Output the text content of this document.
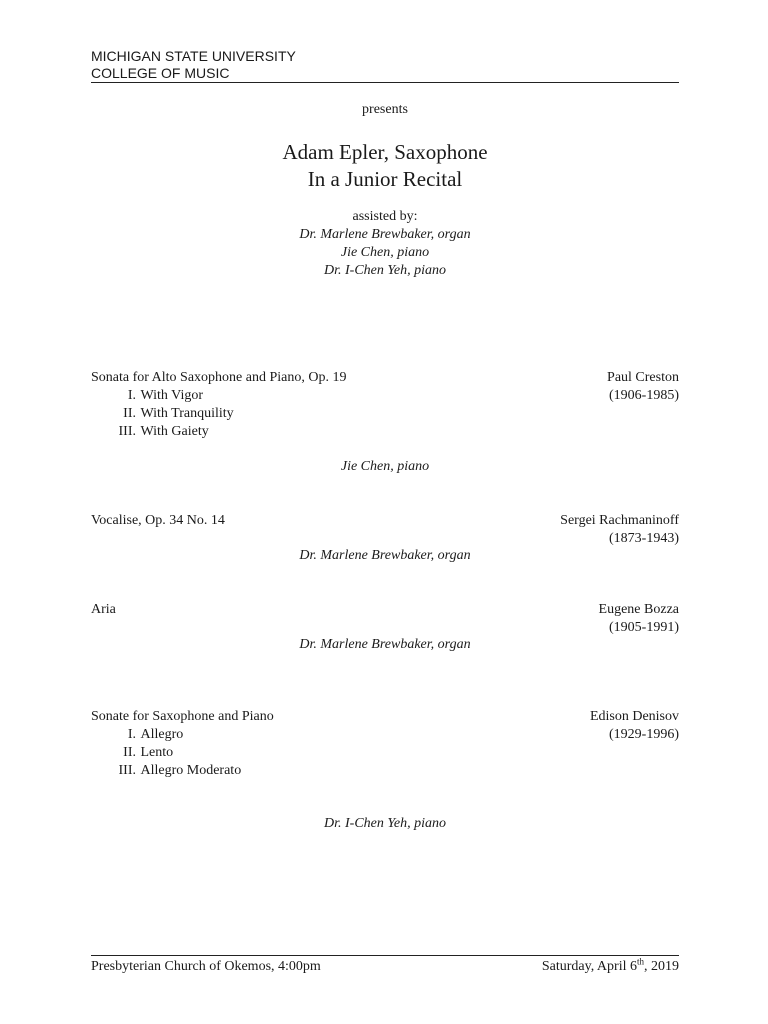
MICHIGAN STATE UNIVERSITY
COLLEGE OF MUSIC
presents
Adam Epler, Saxophone
In a Junior Recital
assisted by:
Dr. Marlene Brewbaker, organ
Jie Chen, piano
Dr. I-Chen Yeh, piano
Sonata for Alto Saxophone and Piano, Op. 19	Paul Creston
(1906-1985)
I. With Vigor
II. With Tranquility
III. With Gaiety
Jie Chen, piano
Vocalise, Op. 34 No. 14	Sergei Rachmaninoff
(1873-1943)
Dr. Marlene Brewbaker, organ
Aria	Eugene Bozza
(1905-1991)
Dr. Marlene Brewbaker, organ
Sonate for Saxophone and Piano	Edison Denisov
(1929-1996)
I. Allegro
II. Lento
III. Allegro Moderato
Dr. I-Chen Yeh, piano
Presbyterian Church of Okemos, 4:00pm	Saturday, April 6th, 2019
